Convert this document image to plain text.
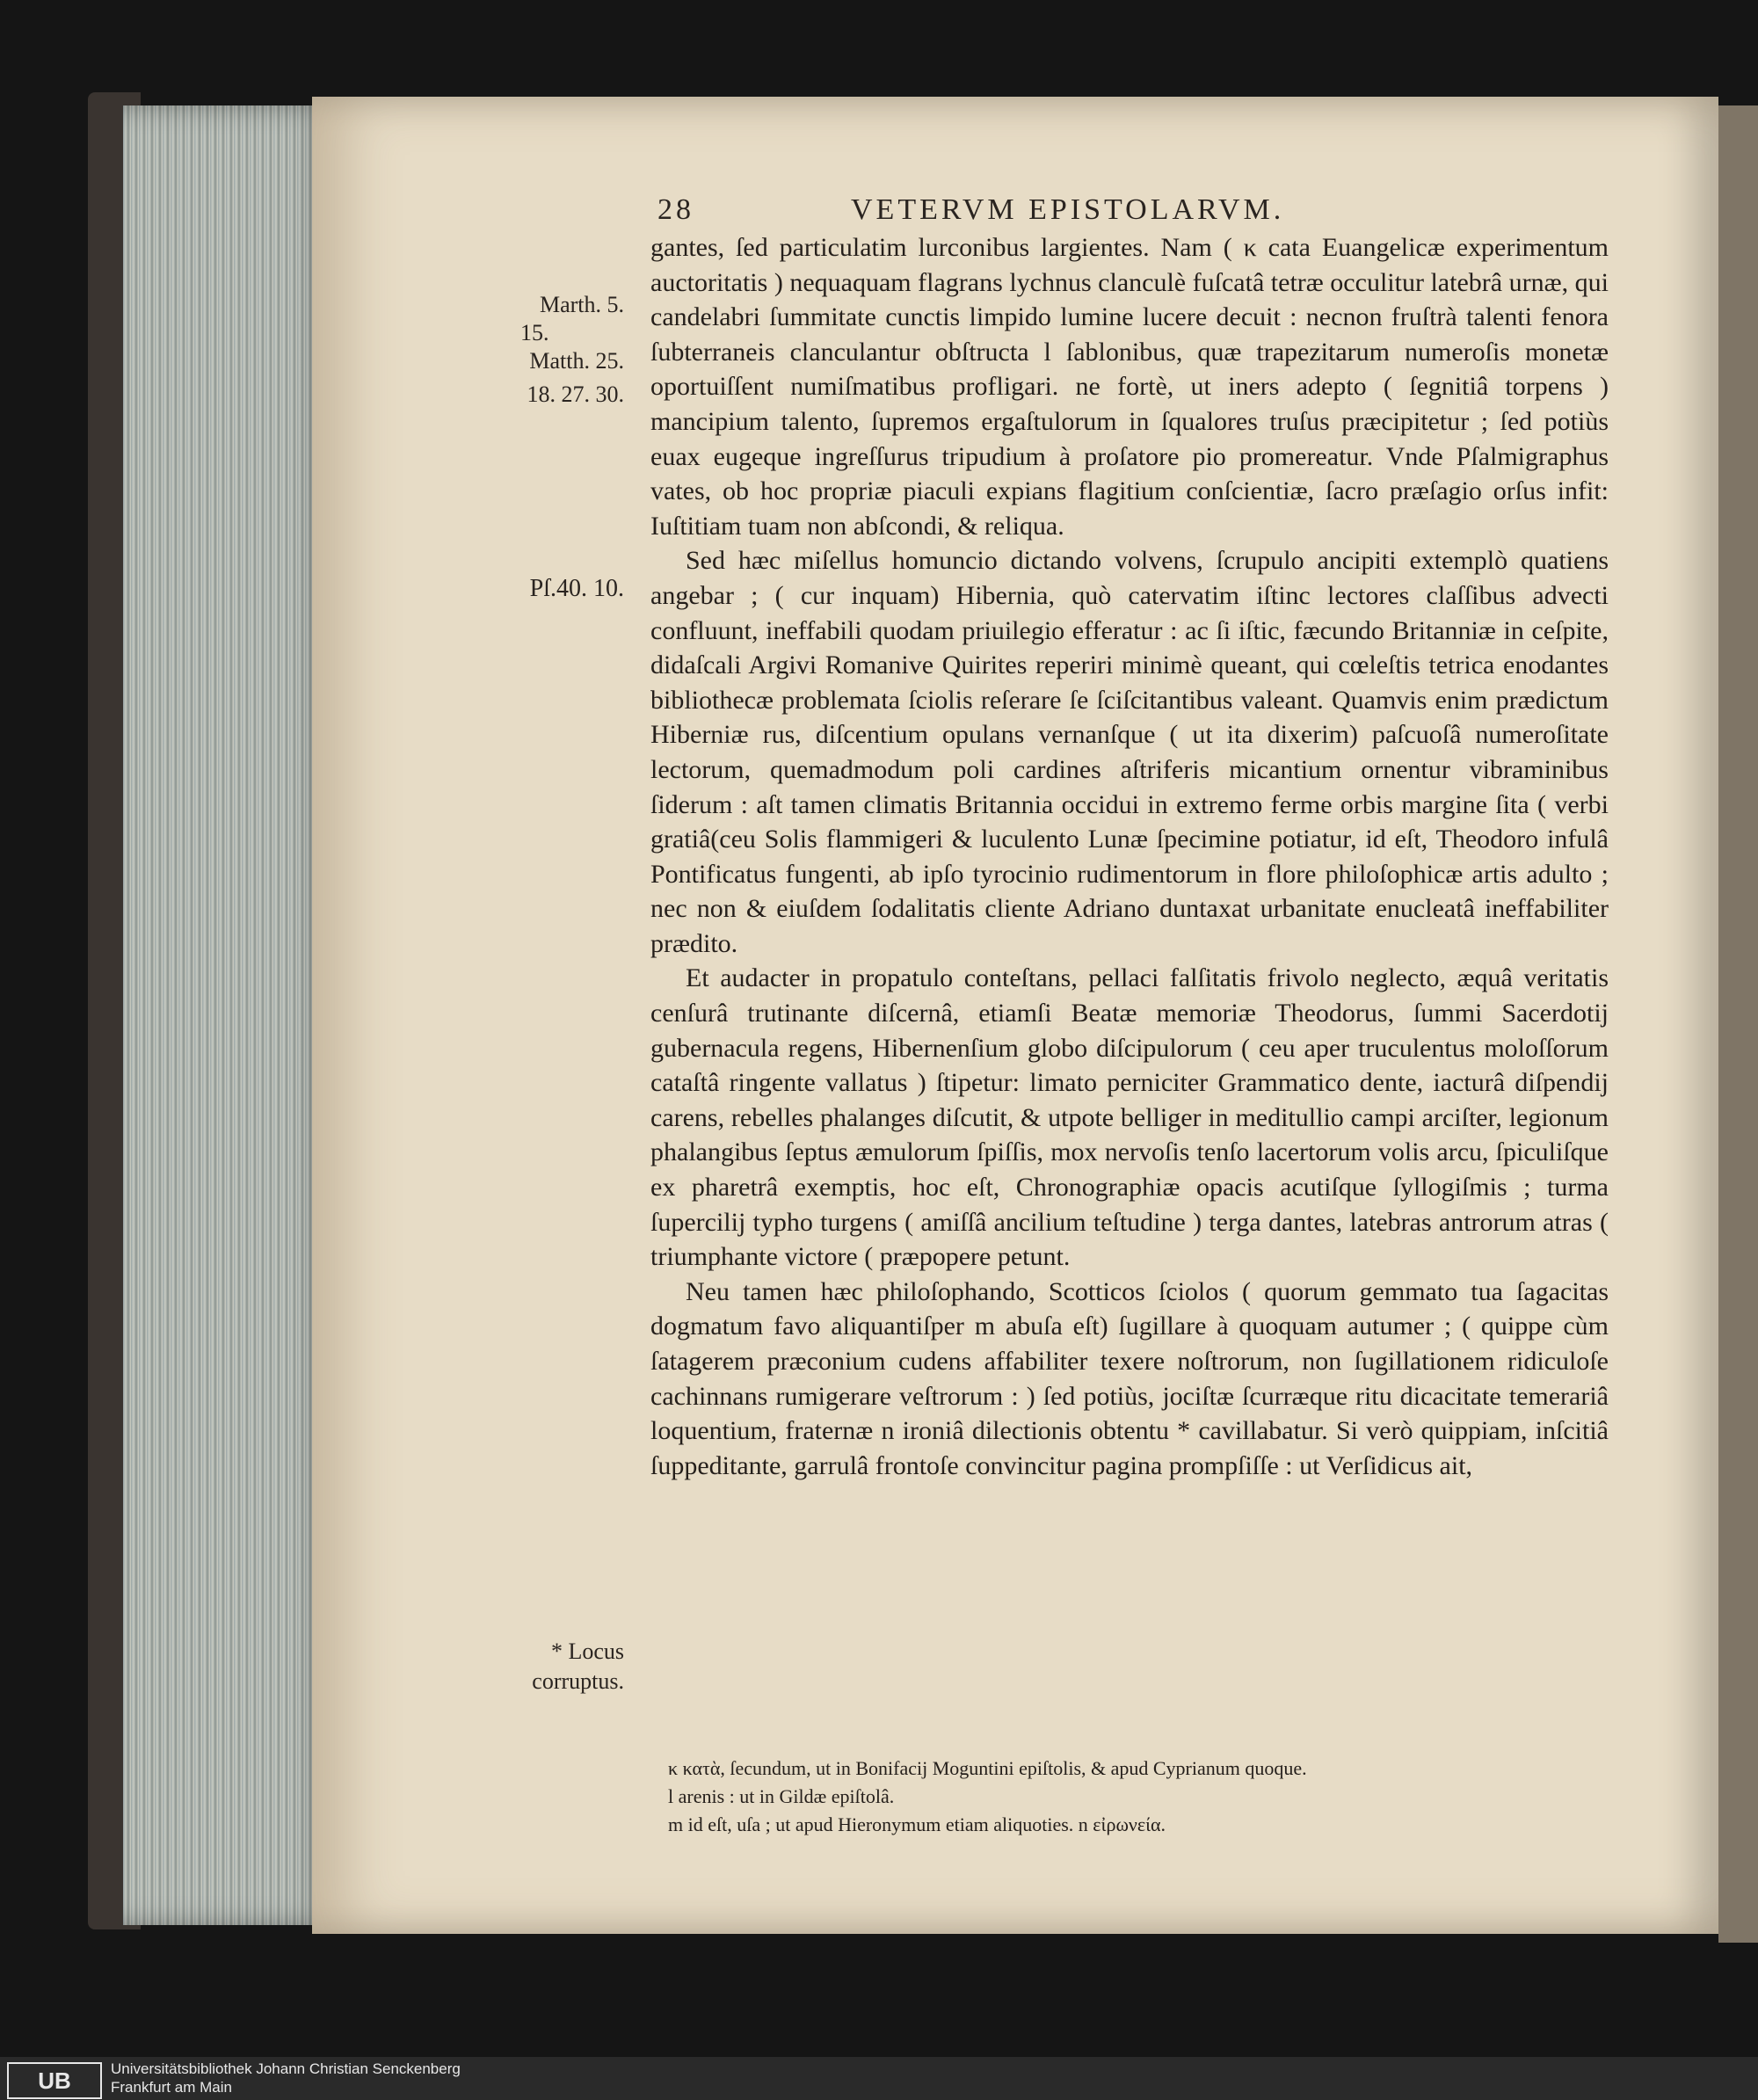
28	VETERVM EPISTOLARVM.
Marth. 5.
15.
Matth. 25.
18. 27. 30.
Pſ.40. 10.
* Locus
corruptus.

gantes, ſed particulatim lurconibus largientes. Nam ( κ cata Euangelicæ experimentum auctoritatis ) nequaquam flagrans lychnus clanculè fuſcatâ tetræ occulitur latebrâ urnæ, qui candelabri ſummitate cunctis limpido lumine lucere decuit : necnon fruſtrà talenti fenora ſubterraneis clanculantur obſtructa l ſablonibus, quæ trapezitarum numeroſis monetæ oportuiſſent numiſmatibus profligari. ne fortè, ut iners adepto ( ſegnitiâ torpens ) mancipium talento, ſupremos ergaſtulorum in ſqualores truſus præcipitetur ; ſed potiùs euax eugeque ingreſſurus tripudium à proſatore pio promereatur. Vnde Pſalmigraphus vates, ob hoc propriæ piaculi expians flagitium conſcientiæ, ſacro præſagio orſus infit: Iuſtitiam tuam non abſcondi, & reliqua.

Sed hæc miſellus homuncio dictando volvens, ſcrupulo ancipiti extemplò quatiens angebar ; ( cur inquam) Hibernia, quò catervatim iſtinc lectores claſſibus advecti confluunt, ineffabili quodam priuilegio efferatur : ac ſi iſtic, fæcundo Britanniæ in ceſpite, didaſcali Argivi Romanive Quirites reperiri minimè queant, qui cœleſtis tetrica enodantes bibliothecæ problemata ſciolis reſerare ſe ſciſcitantibus valeant. Quamvis enim prædictum Hiberniæ rus, diſcentium opulans vernanſque ( ut ita dixerim) paſcuoſâ numeroſitate lectorum, quemadmodum poli cardines aſtriferis micantium ornentur vibraminibus ſiderum : aſt tamen climatis Britannia occidui in extremo ferme orbis margine ſita ( verbi gratiâ(ceu Solis flammigeri & luculento Lunæ ſpecimine potiatur, id eſt, Theodoro infulâ Pontificatus fungenti, ab ipſo tyrocinio rudimentorum in flore philoſophicæ artis adulto ; nec non & eiuſdem ſodalitatis cliente Adriano duntaxat urbanitate enucleatâ ineffabiliter prædito.

Et audacter in propatulo conteſtans, pellaci falſitatis frivolo neglecto, æquâ veritatis cenſurâ trutinante diſcernâ, etiamſi Beatæ memoriæ Theodorus, ſummi Sacerdotij gubernacula regens, Hibernenſium globo diſcipulorum ( ceu aper truculentus moloſſorum cataſtâ ringente vallatus ) ſtipetur: limato perniciter Grammatico dente, iacturâ diſpendij carens, rebelles phalanges diſcutit, & utpote belliger in meditullio campi arciſter, legionum phalangibus ſeptus æmulorum ſpiſſis, mox nervoſis tenſo lacertorum volis arcu, ſpiculiſque ex pharetrâ exemptis, hoc eſt, Chronographiæ opacis acutiſque ſyllogiſmis ; turma ſupercilij typho turgens ( amiſſâ ancilium teſtudine ) terga dantes, latebras antrorum atras ( triumphante victore ( præpopere petunt.

Neu tamen hæc philoſophando, Scotticos ſciolos ( quorum gemmato tua ſagacitas dogmatum favo aliquantiſper m abuſa eſt) ſugillare à quoquam autumer ; ( quippe cùm ſatagerem præconium cudens affabiliter texere noſtrorum, non ſugillationem ridiculoſe cachinnans rumigerare veſtrorum : ) ſed potiùs, jociſtæ ſcurræque ritu dicacitate temerariâ loquentium, fraternæ n ironiâ dilectionis obtentu * cavillabatur. Si verò quippiam, inſcitiâ ſuppeditante, garrulâ frontoſe convincitur pagina prompſiſſe : ut Verſidicus ait,

κ κατὰ, ſecundum, ut in Bonifacij Moguntini epiſtolis, & apud Cyprianum quoque.
l arenis : ut in Gildæ epiſtolâ.
m id eſt, uſa ; ut apud Hieronymum etiam aliquoties. n εἰρωνεία.
UB	Universitätsbibliothek Johann Christian Senckenberg
Frankfurt am Main
